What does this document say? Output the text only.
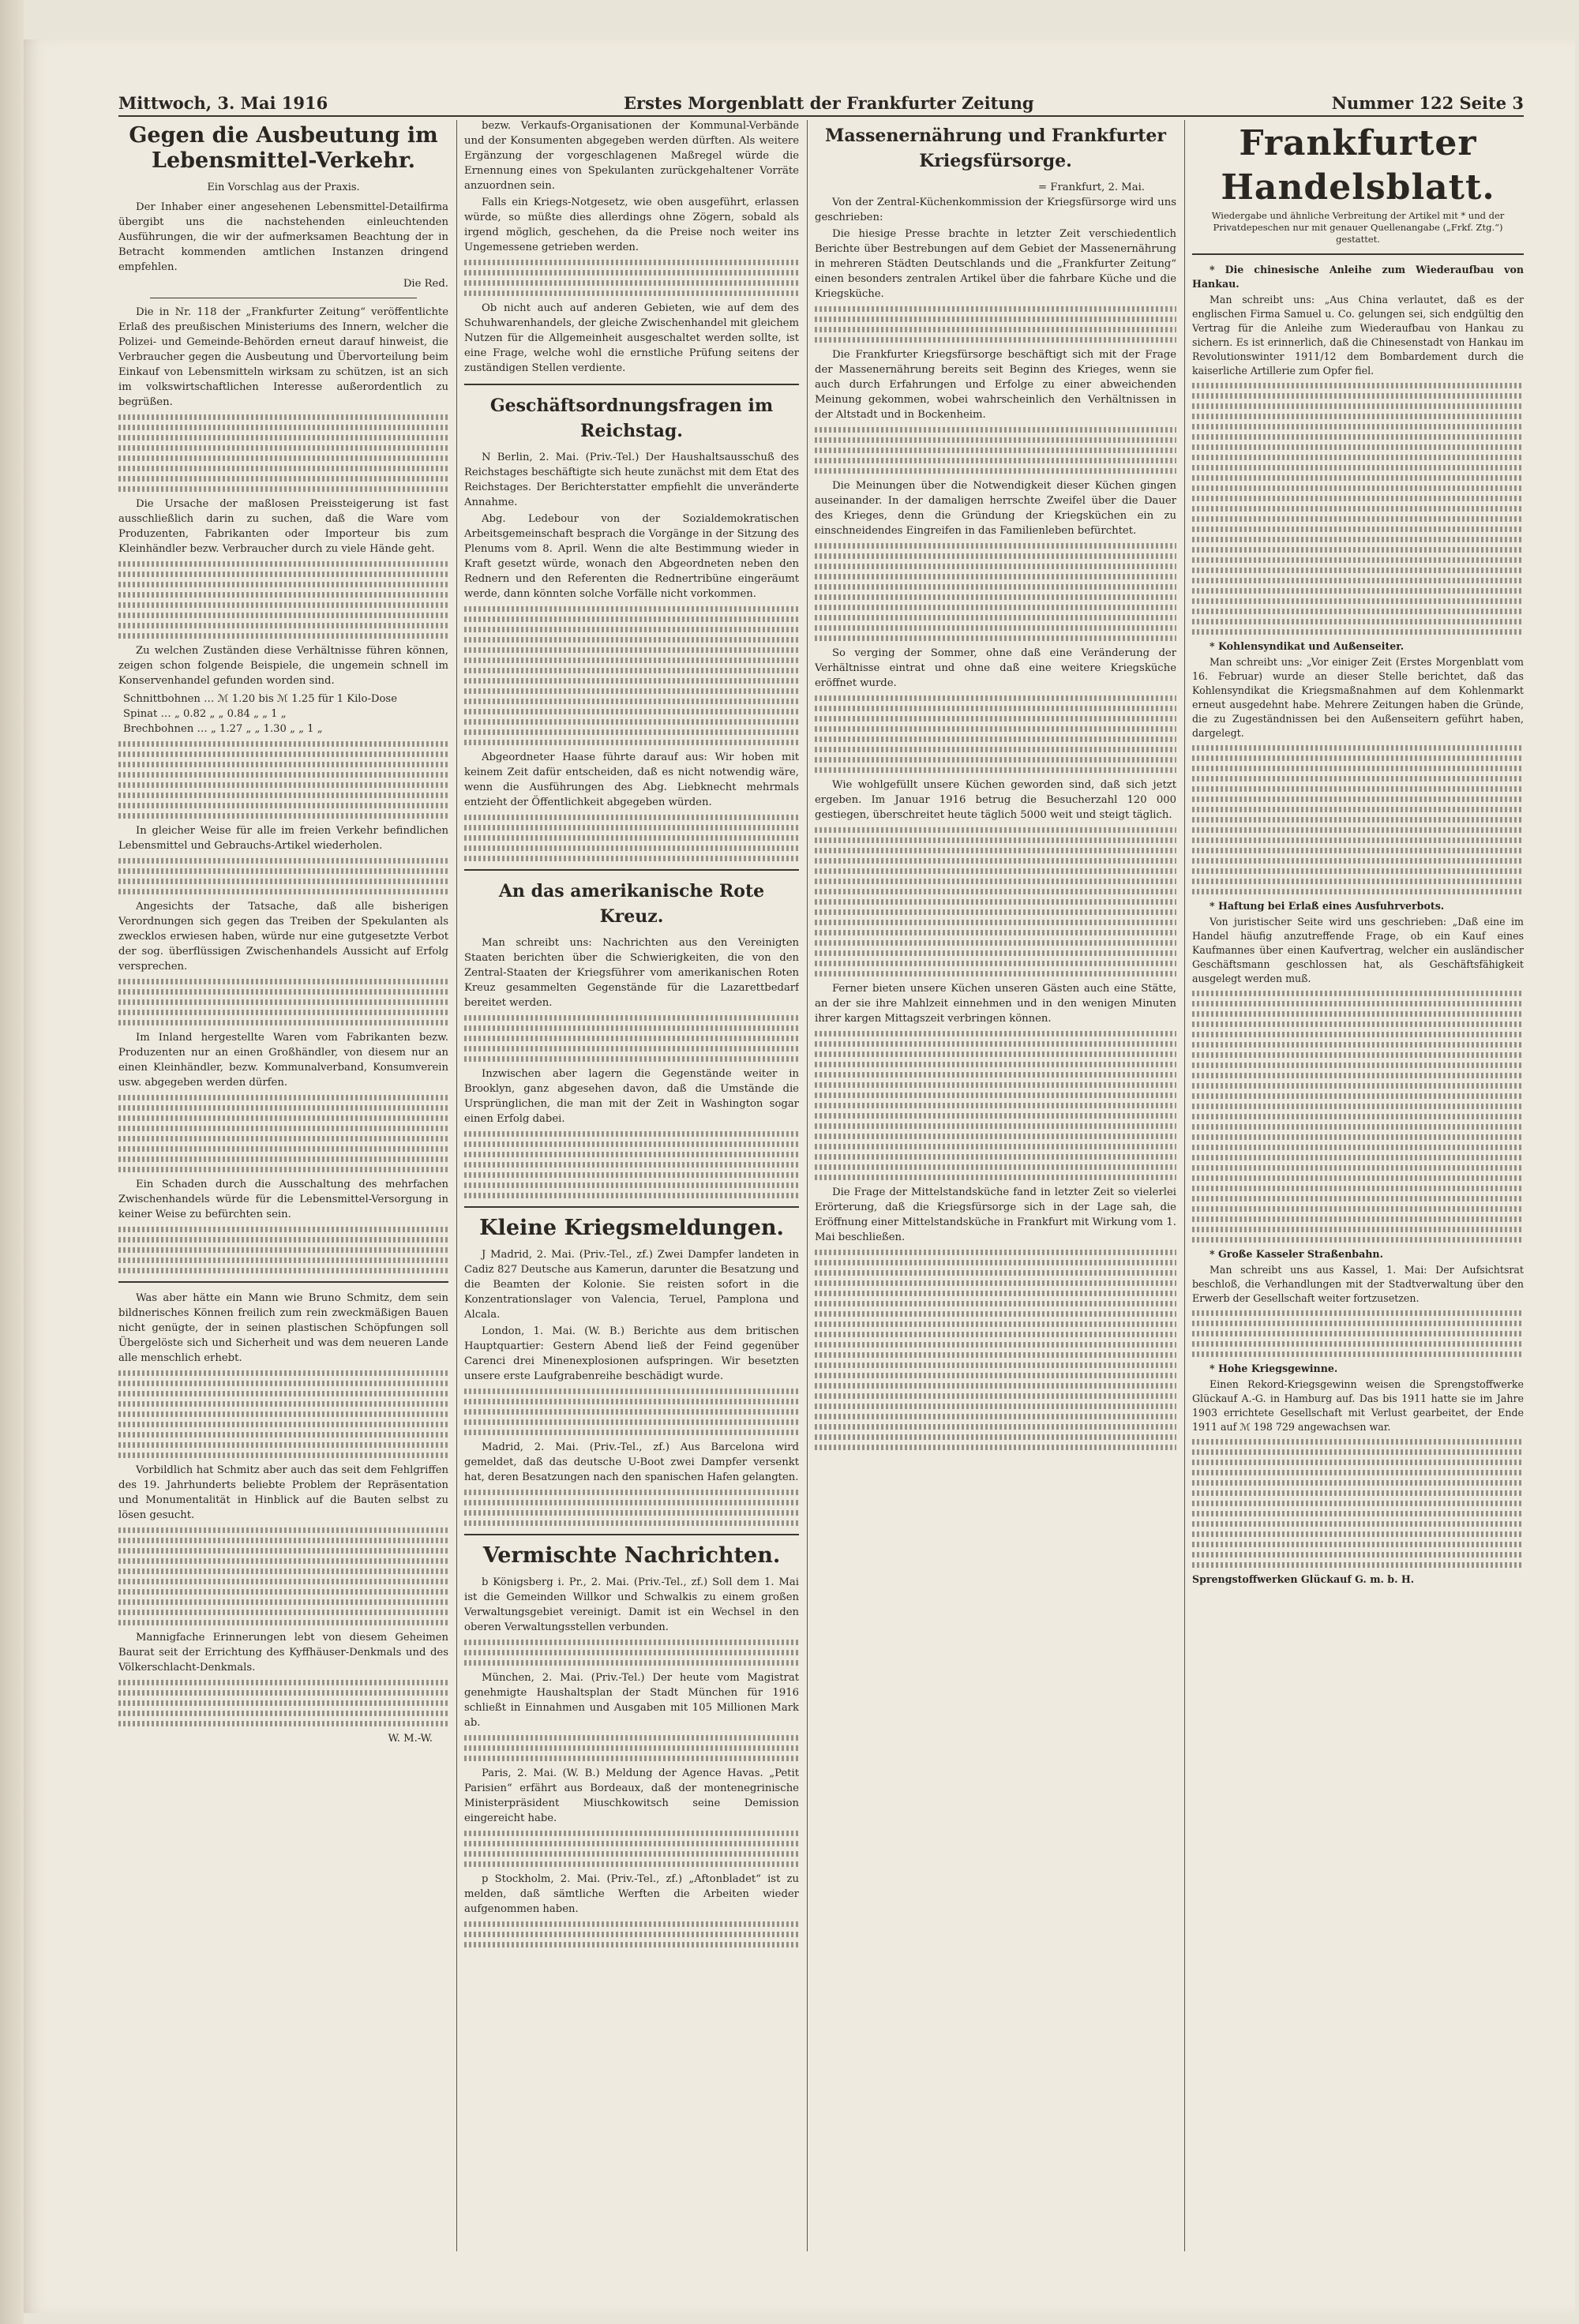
Mittwoch, 3. Mai 1916	Erstes Morgenblatt der Frankfurter Zeitung	Nummer 122 Seite 3
Gegen die Ausbeutung im Lebensmittel-Verkehr.
Ein Vorschlag aus der Praxis.

Der Inhaber einer angesehenen Lebensmittel-Detailfirma übergibt uns die nachstehenden einleuchtenden Ausführungen, die wir der aufmerksamen Beachtung der in Betracht kommenden amtlichen Instanzen dringend empfehlen.

Die Red.

Die in Nr. 118 der „Frankfurter Zeitung“ veröffentlichte Erlaß des preußischen Ministeriums des Innern, welcher die Polizei- und Gemeinde-Behörden erneut darauf hinweist, die Verbraucher gegen die Ausbeutung und Übervorteilung beim Einkauf von Lebensmitteln wirksam zu schützen, ist an sich im volkswirtschaftlichen Interesse außerordentlich zu begrüßen.

Die Ursache der maßlosen Preissteigerung ist fast ausschließlich darin zu suchen, daß die Ware vom Produzenten, Fabrikanten oder Importeur bis zum Kleinhändler bezw. Verbraucher durch zu viele Hände geht.

Zu welchen Zuständen diese Verhältnisse führen können, zeigen schon folgende Beispiele, die ungemein schnell im Konservenhandel gefunden worden sind.

Schnittbohnen … ℳ 1.20 bis ℳ 1.25 für 1 Kilo-Dose
Spinat … „ 0.82 „ „ 0.84 „ „ 1 „
Brechbohnen … „ 1.27 „ „ 1.30 „ „ 1 „

In gleicher Weise für alle im freien Verkehr befindlichen Lebensmittel und Gebrauchs-Artikel wiederholen.

Angesichts der Tatsache, daß alle bisherigen Verordnungen sich gegen das Treiben der Spekulanten als zwecklos erwiesen haben, würde nur eine gutgesetzte Verbot der sog. überflüssigen Zwischenhandels Aussicht auf Erfolg versprechen.

Im Inland hergestellte Waren vom Fabrikanten bezw. Produzenten nur an einen Großhändler, von diesem nur an einen Kleinhändler, bezw. Kommunalverband, Konsumverein usw. abgegeben werden dürfen.

Ein Schaden durch die Ausschaltung des mehrfachen Zwischenhandels würde für die Lebensmittel-Versorgung in keiner Weise zu befürchten sein.

Was aber hätte ein Mann wie Bruno Schmitz, dem sein bildnerisches Können freilich zum rein zweckmäßigen Bauen nicht genügte, der in seinen plastischen Schöpfungen soll Übergelöste sich und Sicherheit und was dem neueren Lande alle menschlich erhebt.

Vorbildlich hat Schmitz aber auch das seit dem Fehlgriffen des 19. Jahrhunderts beliebte Problem der Repräsentation und Monumentalität in Hinblick auf die Bauten selbst zu lösen gesucht.

Mannigfache Erinnerungen lebt von diesem Geheimen Baurat seit der Errichtung des Kyffhäuser-Denkmals und des Völkerschlacht-Denkmals.

W. M.-W.

bezw. Verkaufs-Organisationen der Kommunal-Verbände und der Konsumenten abgegeben werden dürften. Als weitere Ergänzung der vorgeschlagenen Maßregel würde die Ernennung eines von Spekulanten zurückgehaltener Vorräte anzuordnen sein.

Falls ein Kriegs-Notgesetz, wie oben ausgeführt, erlassen würde, so müßte dies allerdings ohne Zögern, sobald als irgend möglich, geschehen, da die Preise noch weiter ins Ungemessene getrieben werden.

Ob nicht auch auf anderen Gebieten, wie auf dem des Schuhwarenhandels, der gleiche Zwischenhandel mit gleichem Nutzen für die Allgemeinheit ausgeschaltet werden sollte, ist eine Frage, welche wohl die ernstliche Prüfung seitens der zuständigen Stellen verdiente.

Geschäftsordnungsfragen im Reichstag.

N Berlin, 2. Mai. (Priv.-Tel.) Der Haushaltsausschuß des Reichstages beschäftigte sich heute zunächst mit dem Etat des Reichstages. Der Berichterstatter empfiehlt die unveränderte Annahme.

Abg. Ledebour von der Sozialdemokratischen Arbeitsgemeinschaft besprach die Vorgänge in der Sitzung des Plenums vom 8. April. Wenn die alte Bestimmung wieder in Kraft gesetzt würde, wonach den Abgeordneten neben den Rednern und den Referenten die Rednertribüne eingeräumt werde, dann könnten solche Vorfälle nicht vorkommen.

Abgeordneter Haase führte darauf aus: Wir hoben mit keinem Zeit dafür entscheiden, daß es nicht notwendig wäre, wenn die Ausführungen des Abg. Liebknecht mehrmals entzieht der Öffentlichkeit abgegeben würden.

An das amerikanische Rote Kreuz.

Man schreibt uns: Nachrichten aus den Vereinigten Staaten berichten über die Schwierigkeiten, die von den Zentral-Staaten der Kriegsführer vom amerikanischen Roten Kreuz gesammelten Gegenstände für die Lazarettbedarf bereitet werden.

Inzwischen aber lagern die Gegenstände weiter in Brooklyn, ganz abgesehen davon, daß die Umstände die Ursprünglichen, die man mit der Zeit in Washington sogar einen Erfolg dabei.

Kleine Kriegsmeldungen.

J Madrid, 2. Mai. (Priv.-Tel., zf.) Zwei Dampfer landeten in Cadiz 827 Deutsche aus Kamerun, darunter die Besatzung und die Beamten der Kolonie. Sie reisten sofort in die Konzentrationslager von Valencia, Teruel, Pamplona und Alcala.

London, 1. Mai. (W. B.) Berichte aus dem britischen Hauptquartier: Gestern Abend ließ der Feind gegenüber Carenci drei Minenexplosionen aufspringen. Wir besetzten unsere erste Laufgrabenreihe beschädigt wurde.

Madrid, 2. Mai. (Priv.-Tel., zf.) Aus Barcelona wird gemeldet, daß das deutsche U-Boot zwei Dampfer versenkt hat, deren Besatzungen nach den spanischen Hafen gelangten.

Vermischte Nachrichten.

b Königsberg i. Pr., 2. Mai. (Priv.-Tel., zf.) Soll dem 1. Mai ist die Gemeinden Willkor und Schwalkis zu einem großen Verwaltungsgebiet vereinigt. Damit ist ein Wechsel in den oberen Verwaltungsstellen verbunden.

München, 2. Mai. (Priv.-Tel.) Der heute vom Magistrat genehmigte Haushaltsplan der Stadt München für 1916 schließt in Einnahmen und Ausgaben mit 105 Millionen Mark ab.

Paris, 2. Mai. (W. B.) Meldung der Agence Havas. „Petit Parisien“ erfährt aus Bordeaux, daß der montenegrinische Ministerpräsident Miuschkowitsch seine Demission eingereicht habe.

p Stockholm, 2. Mai. (Priv.-Tel., zf.) „Aftonbladet“ ist zu melden, daß sämtliche Werften die Arbeiten wieder aufgenommen haben.

Massenernährung und Frankfurter Kriegsfürsorge.
= Frankfurt, 2. Mai.

Von der Zentral-Küchenkommission der Kriegsfürsorge wird uns geschrieben:

Die hiesige Presse brachte in letzter Zeit verschiedentlich Berichte über Bestrebungen auf dem Gebiet der Massenernährung in mehreren Städten Deutschlands und die „Frankfurter Zeitung“ einen besonders zentralen Artikel über die fahrbare Küche und die Kriegsküche.

Die Frankfurter Kriegsfürsorge beschäftigt sich mit der Frage der Massenernährung bereits seit Beginn des Krieges, wenn sie auch durch Erfahrungen und Erfolge zu einer abweichenden Meinung gekommen, wobei wahrscheinlich den Verhältnissen in der Altstadt und in Bockenheim.

Die Meinungen über die Notwendigkeit dieser Küchen gingen auseinander. In der damaligen herrschte Zweifel über die Dauer des Krieges, denn die Gründung der Kriegsküchen ein zu einschneidendes Eingreifen in das Familienleben befürchtet.

So verging der Sommer, ohne daß eine Veränderung der Verhältnisse eintrat und ohne daß eine weitere Kriegsküche eröffnet wurde.

Wie wohlgefüllt unsere Küchen geworden sind, daß sich jetzt ergeben. Im Januar 1916 betrug die Besucherzahl 120 000 gestiegen, überschreitet heute täglich 5000 weit und steigt täglich.

Ferner bieten unsere Küchen unseren Gästen auch eine Stätte, an der sie ihre Mahlzeit einnehmen und in den wenigen Minuten ihrer kargen Mittagszeit verbringen können.

Die Frage der Mittelstandsküche fand in letzter Zeit so vielerlei Erörterung, daß die Kriegsfürsorge sich in der Lage sah, die Eröffnung einer Mittelstandsküche in Frankfurt mit Wirkung vom 1. Mai beschließen.

Frankfurter Handelsblatt.
Wiedergabe und ähnliche Verbreitung der Artikel mit * und der Privatdepeschen nur mit genauer Quellenangabe („Frkf. Ztg.“) gestattet.

* Die chinesische Anleihe zum Wiederaufbau von Hankau.

Man schreibt uns: „Aus China verlautet, daß es der englischen Firma Samuel u. Co. gelungen sei, sich endgültig den Vertrag für die Anleihe zum Wiederaufbau von Hankau zu sichern. Es ist erinnerlich, daß die Chinesenstadt von Hankau im Revolutionswinter 1911/12 dem Bombardement durch die kaiserliche Artillerie zum Opfer fiel.

* Kohlensyndikat und Außenseiter.

Man schreibt uns: „Vor einiger Zeit (Erstes Morgenblatt vom 16. Februar) wurde an dieser Stelle berichtet, daß das Kohlensyndikat die Kriegsmaßnahmen auf dem Kohlenmarkt erneut ausgedehnt habe. Mehrere Zeitungen haben die Gründe, die zu Zugeständnissen bei den Außenseitern geführt haben, dargelegt.

* Haftung bei Erlaß eines Ausfuhrverbots.

Von juristischer Seite wird uns geschrieben: „Daß eine im Handel häufig anzutreffende Frage, ob ein Kauf eines Kaufmannes über einen Kaufvertrag, welcher ein ausländischer Geschäftsmann geschlossen hat, als Geschäftsfähigkeit ausgelegt werden muß.

* Große Kasseler Straßenbahn.

Man schreibt uns aus Kassel, 1. Mai: Der Aufsichtsrat beschloß, die Verhandlungen mit der Stadtverwaltung über den Erwerb der Gesellschaft weiter fortzusetzen.

* Hohe Kriegsgewinne.

Einen Rekord-Kriegsgewinn weisen die Sprengstoffwerke Glückauf A.-G. in Hamburg auf. Das bis 1911 hatte sie im Jahre 1903 errichtete Gesellschaft mit Verlust gearbeitet, der Ende 1911 auf ℳ 198 729 angewachsen war.

Sprengstoffwerken Glückauf G. m. b. H.
